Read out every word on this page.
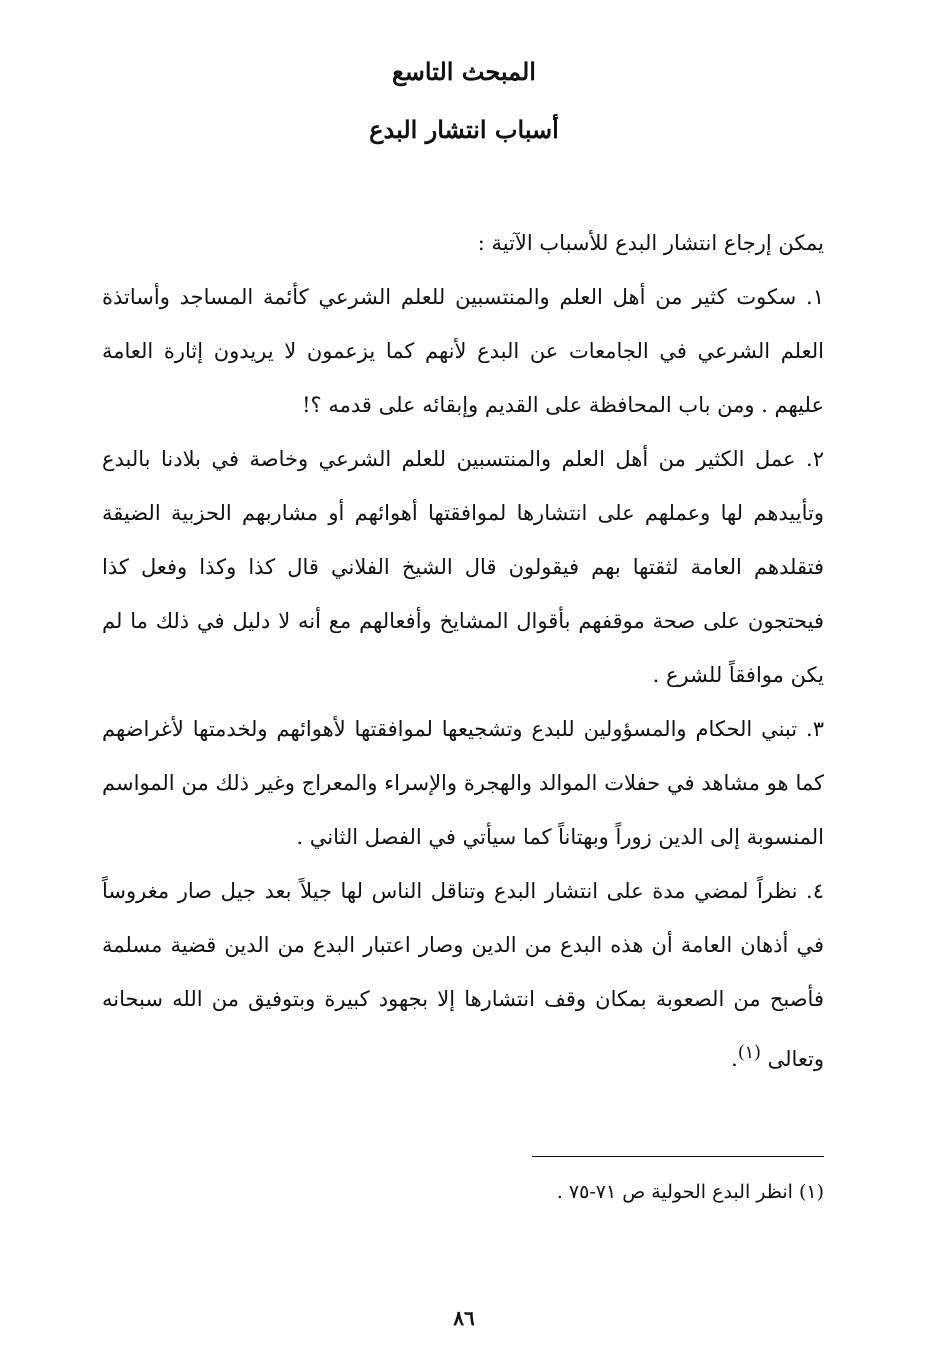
المبحث التاسع
أسباب انتشار البدع

يمكن إرجاع انتشار البدع للأسباب الآتية :

١. سكوت كثير من أهل العلم والمنتسبين للعلم الشرعي كأئمة المساجد وأساتذة العلم الشرعي في الجامعات عن البدع لأنهم كما يزعمون لا يريدون إثارة العامة عليهم . ومن باب المحافظة على القديم وإبقائه على قدمه ؟!

٢. عمل الكثير من أهل العلم والمنتسبين للعلم الشرعي وخاصة في بلادنا بالبدع وتأييدهم لها وعملهم على انتشارها لموافقتها أهوائهم أو مشاربهم الحزبية الضيقة فتقلدهم العامة لثقتها بهم فيقولون قال الشيخ الفلاني قال كذا وكذا وفعل كذا فيحتجون على صحة موقفهم بأقوال المشايخ وأفعالهم مع أنه لا دليل في ذلك ما لم يكن موافقاً للشرع .

٣. تبني الحكام والمسؤولين للبدع وتشجيعها لموافقتها لأهوائهم ولخدمتها لأغراضهم كما هو مشاهد في حفلات الموالد والهجرة والإسراء والمعراج وغير ذلك من المواسم المنسوبة إلى الدين زوراً وبهتاناً كما سيأتي في الفصل الثاني .

٤. نظراً لمضي مدة على انتشار البدع وتناقل الناس لها جيلاً بعد جيل صار مغروساً في أذهان العامة أن هذه البدع من الدين وصار اعتبار البدع من الدين قضية مسلمة فأصبح من الصعوبة بمكان وقف انتشارها إلا بجهود كبيرة وبتوفيق من الله سبحانه وتعالى $^{(١)}$.

(١) انظر البدع الحولية ص ٧١-٧٥ .
٨٦
